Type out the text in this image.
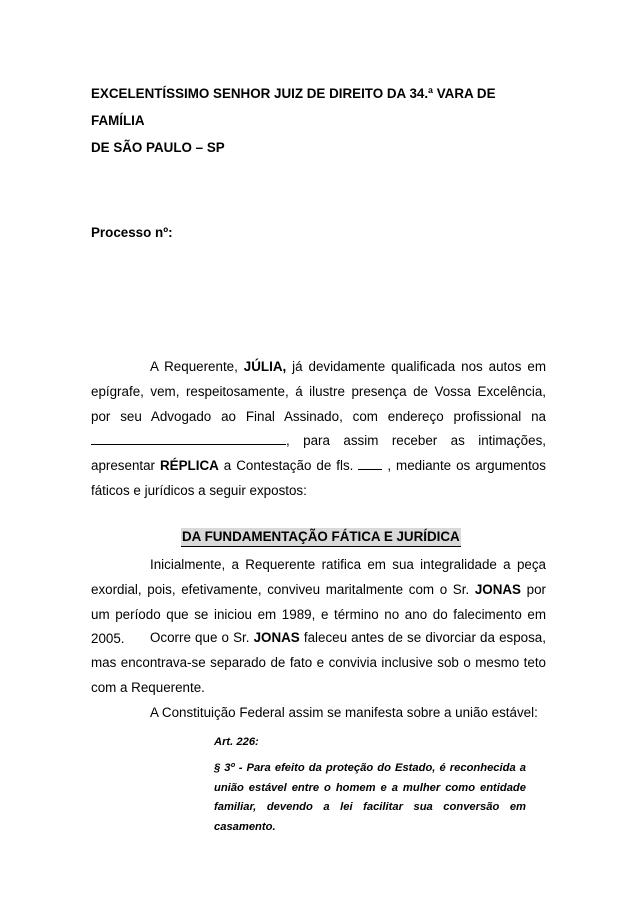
EXCELENTÍSSIMO SENHOR JUIZ DE DIREITO DA 34.ª VARA DE FAMÍLIA
DE SÃO PAULO – SP
Processo nº:
A Requerente, JÚLIA, já devidamente qualificada nos autos em epígrafe, vem, respeitosamente, á ilustre presença de Vossa Excelência, por seu Advogado ao Final Assinado, com endereço profissional na , para assim receber as intimações, apresentar RÉPLICA a Contestação de fls.	, mediante os argumentos fáticos e jurídicos a seguir expostos:
DA FUNDAMENTAÇÃO FÁTICA E JURÍDICA
Inicialmente, a Requerente ratifica em sua integralidade a peça exordial, pois, efetivamente, conviveu maritalmente com o Sr. JONAS por um período que se iniciou em 1989, e término no ano do falecimento em 2005.	Ocorre que o Sr. JONAS faleceu antes de se divorciar da esposa, mas encontrava-se separado de fato e convivia inclusive sob o mesmo teto com a Requerente.
A Constituição Federal assim se manifesta sobre a união estável:
Art. 226:
§ 3º - Para efeito da proteção do Estado, é reconhecida a união estável entre o homem e a mulher como entidade familiar, devendo a lei facilitar sua conversão em casamento.
